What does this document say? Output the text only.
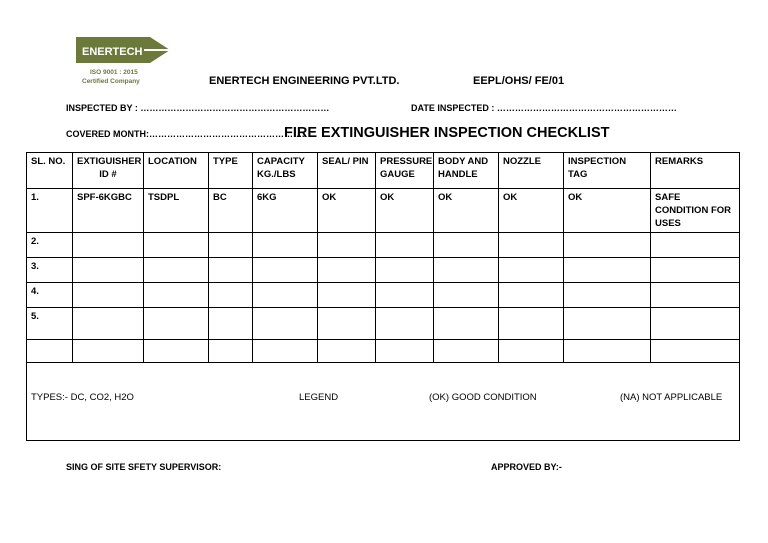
ENERTECH
ISO 9001 : 2015
Certified Company	ENERTECH ENGINEERING PVT.LTD.	EEPL/OHS/ FE/01
INSPECTED BY : ………………………………………………………	DATE INSPECTED : ……………………………………………………
COVERED MONTH:…………………………………………….
FIRE EXTINGUISHER INSPECTION CHECKLIST
SL. NO.	EXTIGUISHER ID #	LOCATION	TYPE	CAPACITY KG./LBS	SEAL/ PIN	PRESSURE GAUGE	BODY AND HANDLE	NOZZLE	INSPECTION TAG	REMARKS
1.	SPF-6KGBC	TSDPL	BC	6KG	OK	OK	OK	OK	OK	SAFE CONDITION FOR USES
2.										
3.										
4.										
5.										

TYPES:- DC, CO2, H2O LEGEND (OK) GOOD CONDITION (NA) NOT APPLICABLE										
SING OF SITE SFETY SUPERVISOR:	APPROVED BY:-
